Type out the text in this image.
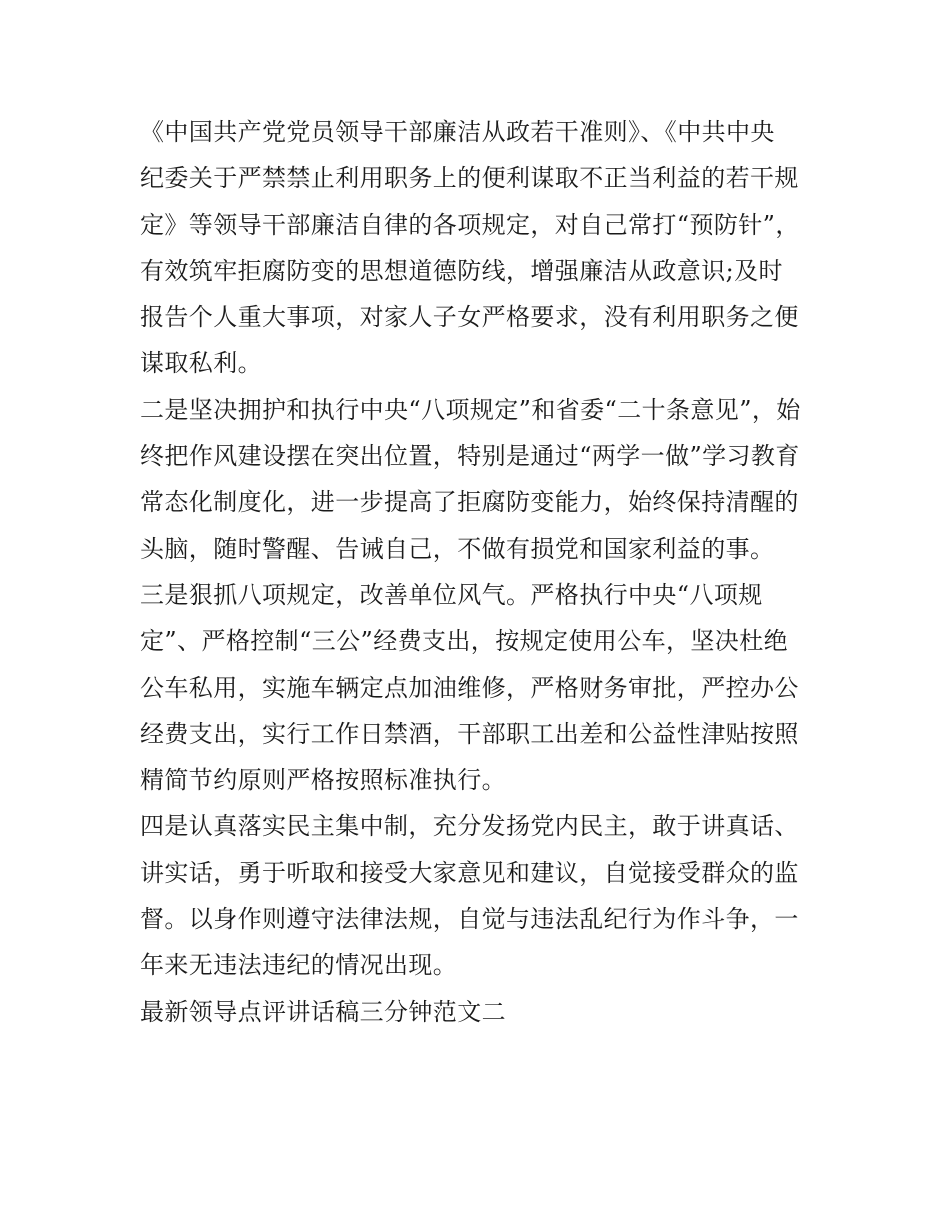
《中国共产党党员领导干部廉洁从政若干准则》、《中共中央
纪委关于严禁禁止利用职务上的便利谋取不正当利益的若干规
定》等领导干部廉洁自律的各项规定，对自己常打“预防针”，
有效筑牢拒腐防变的思想道德防线，增强廉洁从政意识;及时
报告个人重大事项，对家人子女严格要求，没有利用职务之便
谋取私利。

二是坚决拥护和执行中央“八项规定”和省委“二十条意见”，始
终把作风建设摆在突出位置，特别是通过“两学一做”学习教育
常态化制度化，进一步提高了拒腐防变能力，始终保持清醒的
头脑，随时警醒、告诫自己，不做有损党和国家利益的事。

三是狠抓八项规定，改善单位风气。严格执行中央“八项规
定”、严格控制“三公”经费支出，按规定使用公车，坚决杜绝
公车私用，实施车辆定点加油维修，严格财务审批，严控办公
经费支出，实行工作日禁酒，干部职工出差和公益性津贴按照
精简节约原则严格按照标准执行。

四是认真落实民主集中制，充分发扬党内民主，敢于讲真话、
讲实话，勇于听取和接受大家意见和建议，自觉接受群众的监
督。以身作则遵守法律法规，自觉与违法乱纪行为作斗争，一
年来无违法违纪的情况出现。

最新领导点评讲话稿三分钟范文二
